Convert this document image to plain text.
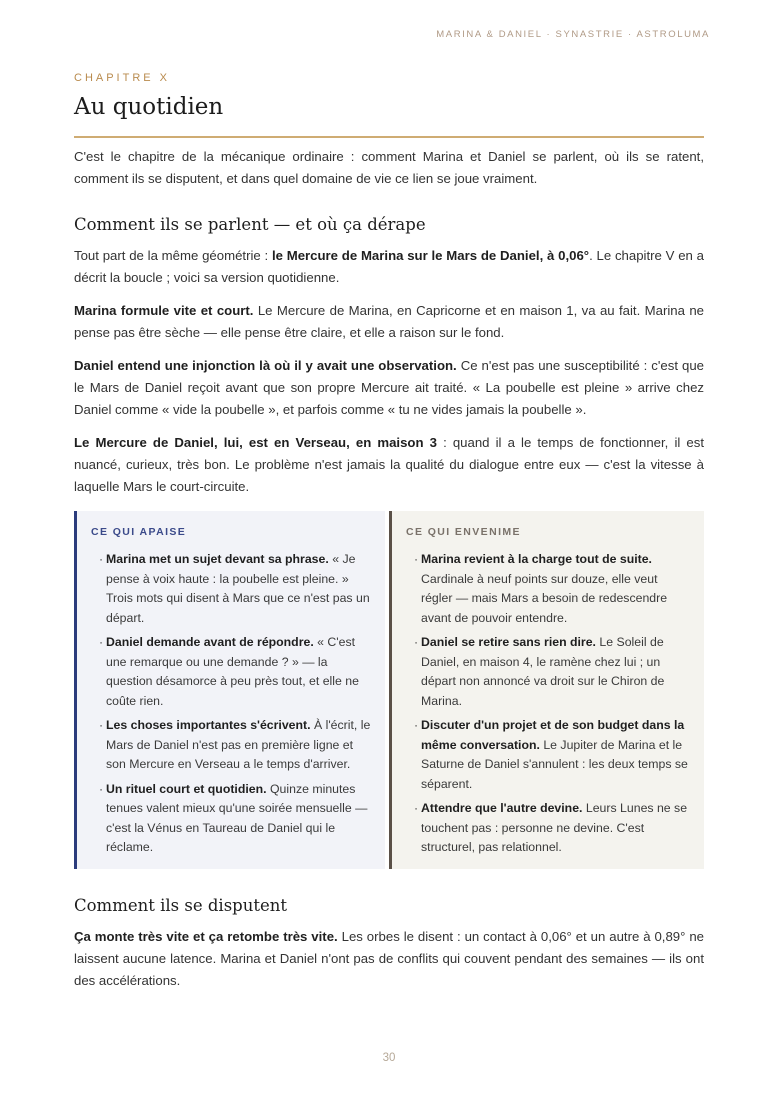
MARINA & DANIEL · SYNASTRIE · ASTROLUMA
CHAPITRE X
Au quotidien

C'est le chapitre de la mécanique ordinaire : comment Marina et Daniel se parlent, où ils se ratent, comment ils se disputent, et dans quel domaine de vie ce lien se joue vraiment.

Comment ils se parlent — et où ça dérape

Tout part de la même géométrie : le Mercure de Marina sur le Mars de Daniel, à 0,06°. Le chapitre V en a décrit la boucle ; voici sa version quotidienne.

Marina formule vite et court. Le Mercure de Marina, en Capricorne et en maison 1, va au fait. Marina ne pense pas être sèche — elle pense être claire, et elle a raison sur le fond.

Daniel entend une injonction là où il y avait une observation. Ce n'est pas une susceptibilité : c'est que le Mars de Daniel reçoit avant que son propre Mercure ait traité. « La poubelle est pleine » arrive chez Daniel comme « vide la poubelle », et parfois comme « tu ne vides jamais la poubelle ».

Le Mercure de Daniel, lui, est en Verseau, en maison 3 : quand il a le temps de fonctionner, il est nuancé, curieux, très bon. Le problème n'est jamais la qualité du dialogue entre eux — c'est la vitesse à laquelle Mars le court-circuite.

CE QUI APAISE
· Marina met un sujet devant sa phrase. « Je pense à voix haute : la poubelle est pleine. » Trois mots qui disent à Mars que ce n'est pas un départ.
· Daniel demande avant de répondre. « C'est une remarque ou une demande ? » — la question désamorce à peu près tout, et elle ne coûte rien.
· Les choses importantes s'écrivent. À l'écrit, le Mars de Daniel n'est pas en première ligne et son Mercure en Verseau a le temps d'arriver.
· Un rituel court et quotidien. Quinze minutes tenues valent mieux qu'une soirée mensuelle — c'est la Vénus en Taureau de Daniel qui le réclame.
CE QUI ENVENIME
· Marina revient à la charge tout de suite. Cardinale à neuf points sur douze, elle veut régler — mais Mars a besoin de redescendre avant de pouvoir entendre.
· Daniel se retire sans rien dire. Le Soleil de Daniel, en maison 4, le ramène chez lui ; un départ non annoncé va droit sur le Chiron de Marina.
· Discuter d'un projet et de son budget dans la même conversation. Le Jupiter de Marina et le Saturne de Daniel s'annulent : les deux temps se séparent.
· Attendre que l'autre devine. Leurs Lunes ne se touchent pas : personne ne devine. C'est structurel, pas relationnel.
Comment ils se disputent

Ça monte très vite et ça retombe très vite. Les orbes le disent : un contact à 0,06° et un autre à 0,89° ne laissent aucune latence. Marina et Daniel n'ont pas de conflits qui couvent pendant des semaines — ils ont des accélérations.

30
